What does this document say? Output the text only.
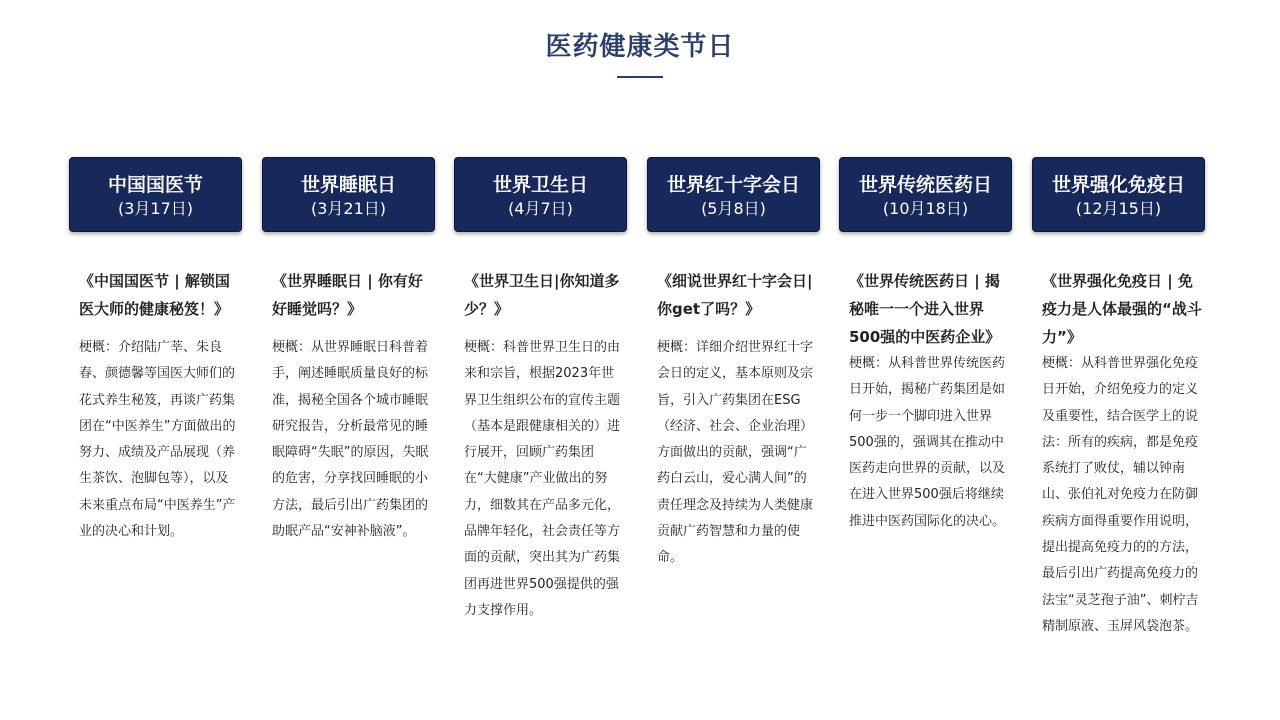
医药健康类节日
中国国医节
(3月17日)
《中国国医节 | 解锁国医大师的健康秘笈！》
梗概：介绍陆广莘、朱良春、颜德馨等国医大师们的花式养生秘笈，再谈广药集团在“中医养生”方面做出的努力、成绩及产品展现（养生茶饮、泡脚包等），以及未来重点布局“中医养生”产业的决心和计划。
世界睡眠日
(3月21日)
《世界睡眠日 | 你有好好睡觉吗？》
梗概：从世界睡眠日科普着手，阐述睡眠质量良好的标准，揭秘全国各个城市睡眠研究报告，分析最常见的睡眠障碍“失眠”的原因，失眠的危害，分享找回睡眠的小方法，最后引出广药集团的助眠产品“安神补脑液”。
世界卫生日
(4月7日)
《世界卫生日|你知道多少？》
梗概：科普世界卫生日的由来和宗旨，根据2023年世界卫生组织公布的宣传主题（基本是跟健康相关的）进行展开，回顾广药集团在“大健康”产业做出的努力，细数其在产品多元化，品牌年轻化，社会责任等方面的贡献，突出其为广药集团再进世界500强提供的强力支撑作用。
世界红十字会日
(5月8日)
《细说世界红十字会日|你get了吗？》
梗概：详细介绍世界红十字会日的定义，基本原则及宗旨，引入广药集团在ESG（经济、社会、企业治理）方面做出的贡献，强调“广药白云山，爱心满人间”的责任理念及持续为人类健康贡献广药智慧和力量的使命。
世界传统医药日
(10月18日)
《世界传统医药日 | 揭秘唯一一个进入世界500强的中医药企业》
梗概：从科普世界传统医药日开始，揭秘广药集团是如何一步一个脚印进入世界500强的，强调其在推动中医药走向世界的贡献，以及在进入世界500强后将继续推进中医药国际化的决心。
世界强化免疫日
(12月15日)
《世界强化免疫日 | 免疫力是人体最强的“战斗力”》
梗概：从科普世界强化免疫日开始，介绍免疫力的定义及重要性，结合医学上的说法：所有的疾病，都是免疫系统打了败仗，辅以钟南山、张伯礼对免疫力在防御疾病方面得重要作用说明，提出提高免疫力的的方法，最后引出广药提高免疫力的法宝“灵芝孢子油”、刺柠吉精制原液、玉屏风袋泡茶。
